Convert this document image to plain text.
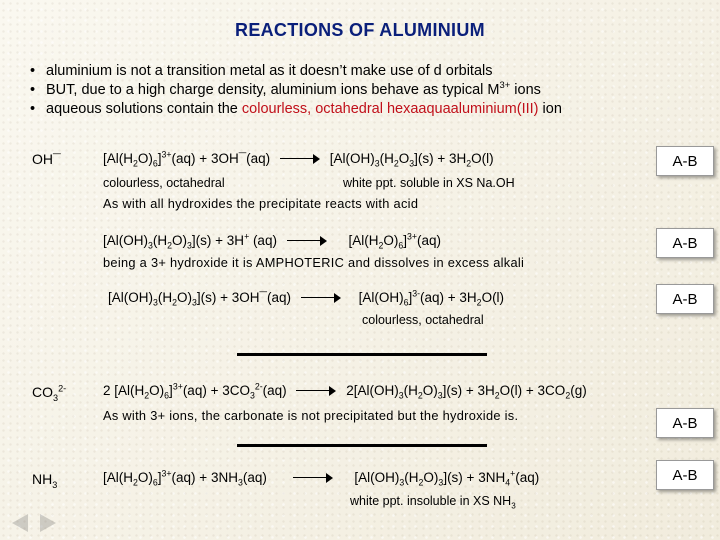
REACTIONS OF ALUMINIUM
• aluminium is not a transition metal as it doesn’t make use of d orbitals
• BUT, due to a high charge density, aluminium ions behave as typical $M^{3+}$ ions
• aqueous solutions contain the colourless, octahedral hexaaquaaluminium(III) ion
OH¯	$[Al(H_2O)_6]^{3+}(aq)$ + 3OH¯(aq)	[$Al(OH)_3(H_2O_3](s) + 3H_2O(l)$
colourless, octahedral	white ppt. soluble in XS Na.OH
A-B
As with all hydroxides the precipitate reacts with acid
$[Al(OH)_3(H_2O)_3](s) + 3H^+$ (aq)	$[Al(H_2O)_6]^{3+}(aq)$	A-B
being a 3+ hydroxide it is AMPHOTERIC and dissolves in excess alkali
$[Al(OH)_3(H_2O)_3](s)$ + 3OH¯(aq)	$[Al(OH)_6]^{3-}(aq) + 3H_2O(l)$
colourless, octahedral
A-B
$CO_3^{2-}$	2 $[Al(H_2O)_6]^{3+}(aq) + 3CO_3^{2-}(aq)$	$2[Al(OH)_3(H_2O)_3](s) + 3H_2O(l) + 3CO_2(g)$
As with 3+ ions, the carbonate is not precipitated but the hydroxide is.	A-B
$NH_3$	$[Al(H_2O)_6]^{3+}(aq) + 3NH_3(aq)$	$[Al(OH)_3(H_2O)_3](s) + 3NH_4^+(aq)$
white ppt. insoluble in XS $NH_3$
A-B
